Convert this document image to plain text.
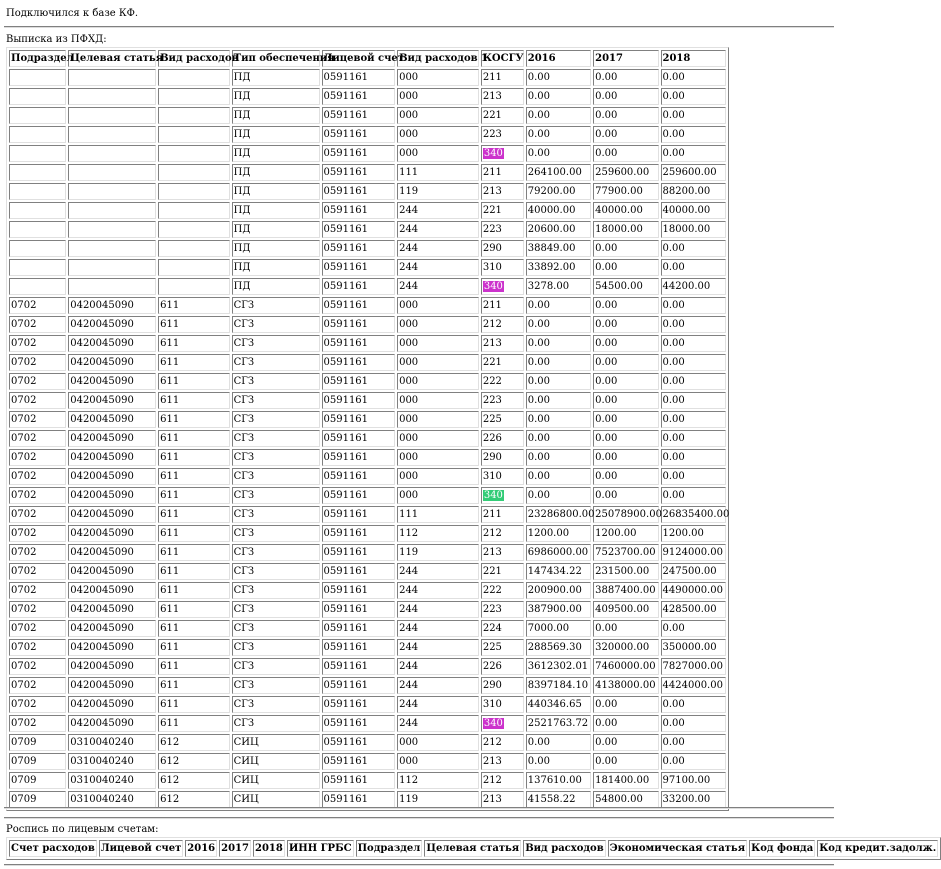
Подключился к базе КФ.
Выписка из ПФХД:
Подраздел	Целевая статья	Вид расходов	Тип обеспечения	Лицевой счет	Вид расходов 1	КОСГУ	2016	2017	2018
			ПД	0591161	000	211	0.00	0.00	0.00
			ПД	0591161	000	213	0.00	0.00	0.00
			ПД	0591161	000	221	0.00	0.00	0.00
			ПД	0591161	000	223	0.00	0.00	0.00
			ПД	0591161	000	340	0.00	0.00	0.00
			ПД	0591161	111	211	264100.00	259600.00	259600.00
			ПД	0591161	119	213	79200.00	77900.00	88200.00
			ПД	0591161	244	221	40000.00	40000.00	40000.00
			ПД	0591161	244	223	20600.00	18000.00	18000.00
			ПД	0591161	244	290	38849.00	0.00	0.00
			ПД	0591161	244	310	33892.00	0.00	0.00
			ПД	0591161	244	340	3278.00	54500.00	44200.00
0702	0420045090	611	СГЗ	0591161	000	211	0.00	0.00	0.00
0702	0420045090	611	СГЗ	0591161	000	212	0.00	0.00	0.00
0702	0420045090	611	СГЗ	0591161	000	213	0.00	0.00	0.00
0702	0420045090	611	СГЗ	0591161	000	221	0.00	0.00	0.00
0702	0420045090	611	СГЗ	0591161	000	222	0.00	0.00	0.00
0702	0420045090	611	СГЗ	0591161	000	223	0.00	0.00	0.00
0702	0420045090	611	СГЗ	0591161	000	225	0.00	0.00	0.00
0702	0420045090	611	СГЗ	0591161	000	226	0.00	0.00	0.00
0702	0420045090	611	СГЗ	0591161	000	290	0.00	0.00	0.00
0702	0420045090	611	СГЗ	0591161	000	310	0.00	0.00	0.00
0702	0420045090	611	СГЗ	0591161	000	340	0.00	0.00	0.00
0702	0420045090	611	СГЗ	0591161	111	211	23286800.00	25078900.00	26835400.00
0702	0420045090	611	СГЗ	0591161	112	212	1200.00	1200.00	1200.00
0702	0420045090	611	СГЗ	0591161	119	213	6986000.00	7523700.00	9124000.00
0702	0420045090	611	СГЗ	0591161	244	221	147434.22	231500.00	247500.00
0702	0420045090	611	СГЗ	0591161	244	222	200900.00	3887400.00	4490000.00
0702	0420045090	611	СГЗ	0591161	244	223	387900.00	409500.00	428500.00
0702	0420045090	611	СГЗ	0591161	244	224	7000.00	0.00	0.00
0702	0420045090	611	СГЗ	0591161	244	225	288569.30	320000.00	350000.00
0702	0420045090	611	СГЗ	0591161	244	226	3612302.01	7460000.00	7827000.00
0702	0420045090	611	СГЗ	0591161	244	290	8397184.10	4138000.00	4424000.00
0702	0420045090	611	СГЗ	0591161	244	310	440346.65	0.00	0.00
0702	0420045090	611	СГЗ	0591161	244	340	2521763.72	0.00	0.00
0709	0310040240	612	СИЦ	0591161	000	212	0.00	0.00	0.00
0709	0310040240	612	СИЦ	0591161	000	213	0.00	0.00	0.00
0709	0310040240	612	СИЦ	0591161	112	212	137610.00	181400.00	97100.00
0709	0310040240	612	СИЦ	0591161	119	213	41558.22	54800.00	33200.00
Роспись по лицевым счетам:
Счет расходов	Лицевой счет	2016	2017	2018	ИНН ГРБС	Подраздел	Целевая статья	Вид расходов	Экономическая статья	Код фонда	Код кредит.задолж.
